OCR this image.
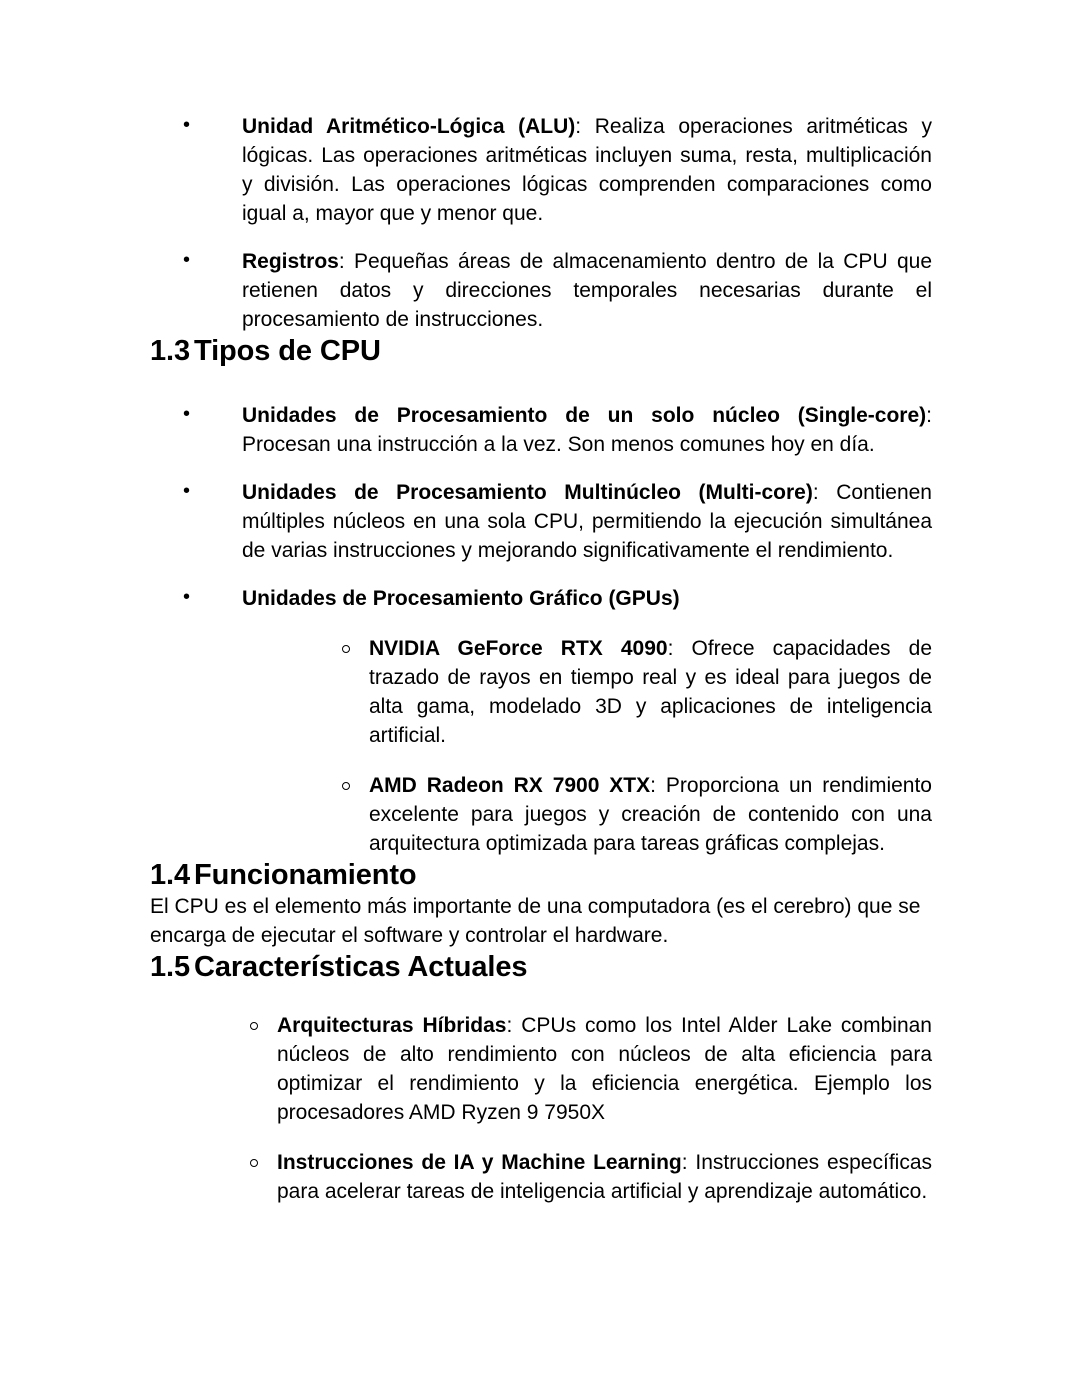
• Unidad Aritmético-Lógica (ALU): Realiza operaciones aritméticas y lógicas. Las operaciones aritméticas incluyen suma, resta, multiplicación y división. Las operaciones lógicas comprenden comparaciones como igual a, mayor que y menor que.
• Registros: Pequeñas áreas de almacenamiento dentro de la CPU que retienen datos y direcciones temporales necesarias durante el procesamiento de instrucciones.
1.3 Tipos de CPU
• Unidades de Procesamiento de un solo núcleo (Single-core): Procesan una instrucción a la vez. Son menos comunes hoy en día.
• Unidades de Procesamiento Multinúcleo (Multi-core): Contienen múltiples núcleos en una sola CPU, permitiendo la ejecución simultánea de varias instrucciones y mejorando significativamente el rendimiento.
• Unidades de Procesamiento Gráfico (GPUs)
NVIDIA GeForce RTX 4090: Ofrece capacidades de trazado de rayos en tiempo real y es ideal para juegos de alta gama, modelado 3D y aplicaciones de inteligencia artificial.
AMD Radeon RX 7900 XTX: Proporciona un rendimiento excelente para juegos y creación de contenido con una arquitectura optimizada para tareas gráficas complejas.
1.4 Funcionamiento

El CPU es el elemento más importante de una computadora (es el cerebro) que se encarga de ejecutar el software y controlar el hardware.

1.5 Características Actuales
Arquitecturas Híbridas: CPUs como los Intel Alder Lake combinan núcleos de alto rendimiento con núcleos de alta eficiencia para optimizar el rendimiento y la eficiencia energética. Ejemplo los procesadores AMD Ryzen 9 7950X
Instrucciones de IA y Machine Learning: Instrucciones específicas para acelerar tareas de inteligencia artificial y aprendizaje automático.
